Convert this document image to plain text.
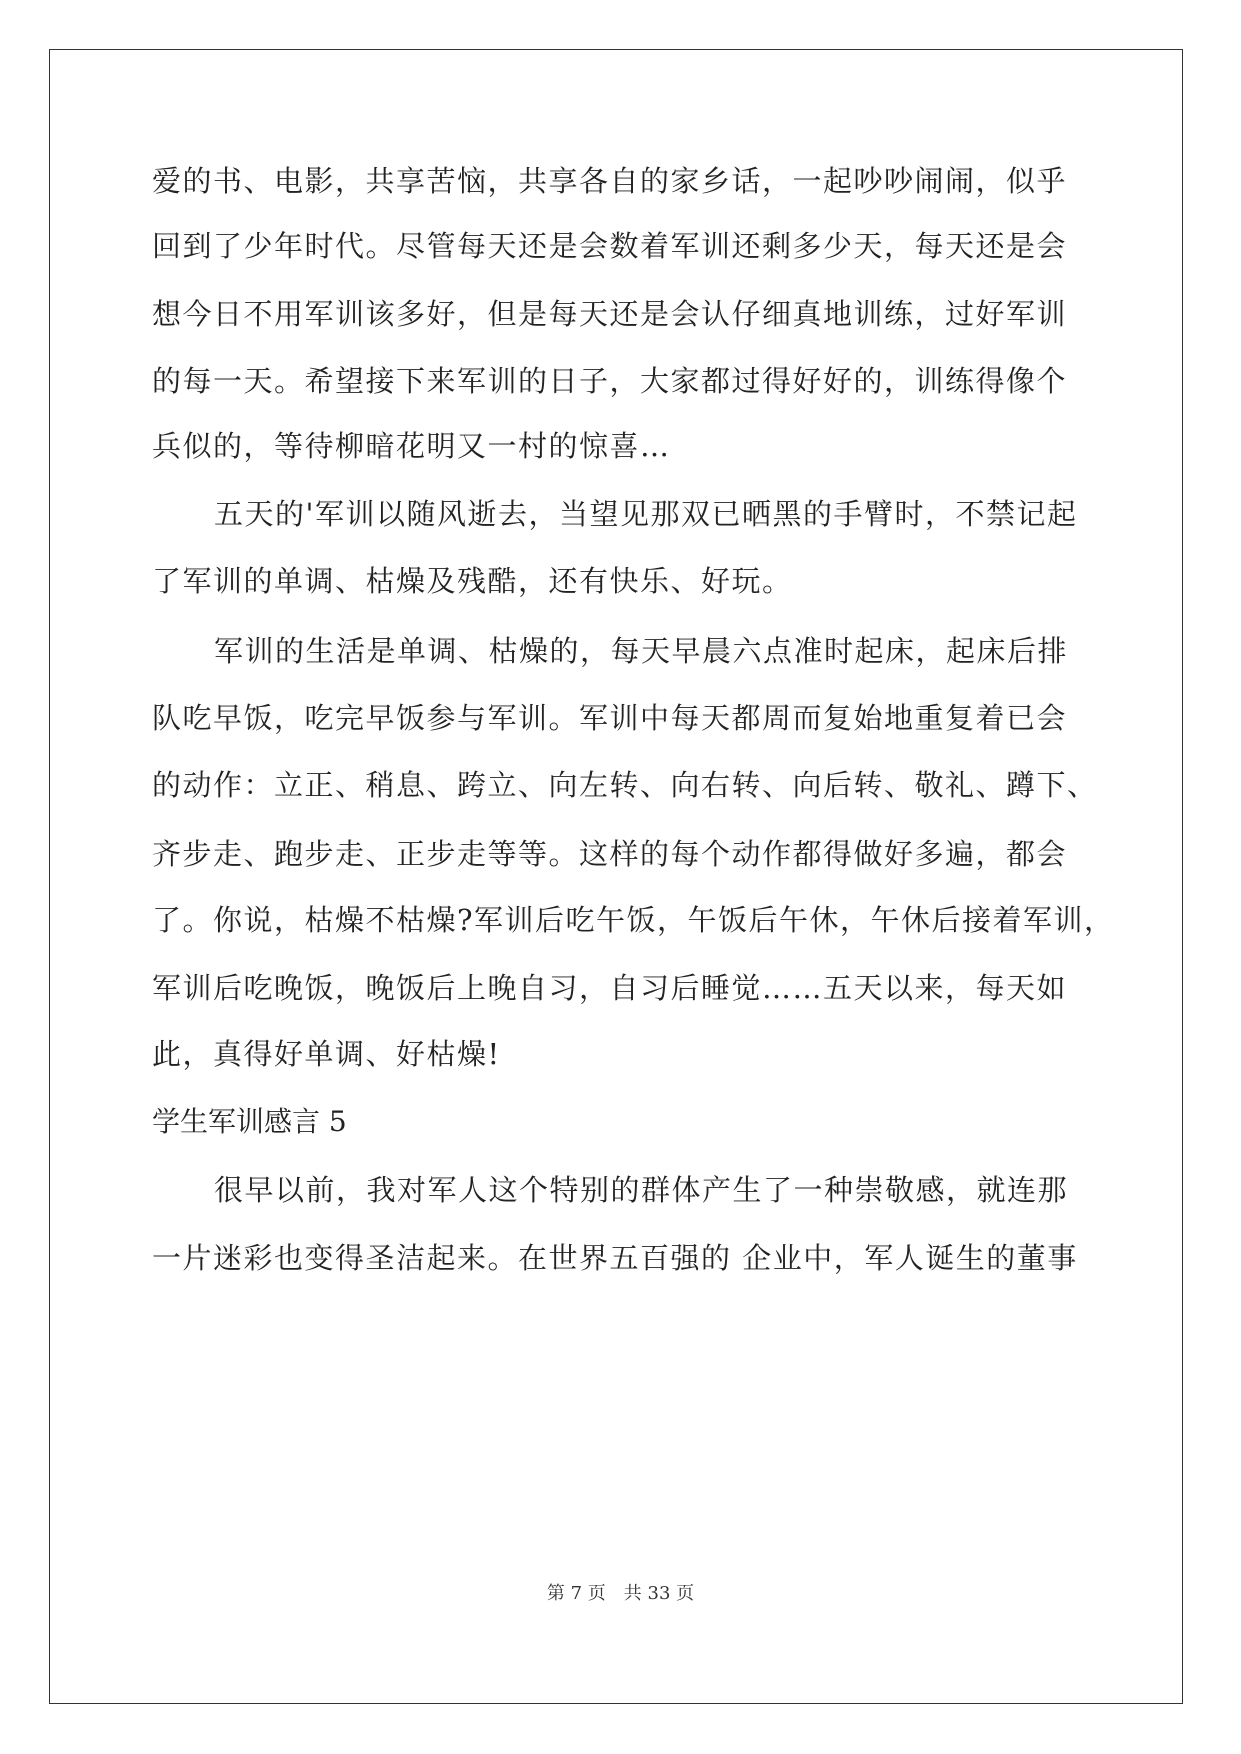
爱的书、电影，共享苦恼，共享各自的家乡话，一起吵吵闹闹，似乎
回到了少年时代。尽管每天还是会数着军训还剩多少天，每天还是会
想今日不用军训该多好，但是每天还是会认仔细真地训练，过好军训
的每一天。希望接下来军训的日子，大家都过得好好的，训练得像个
兵似的，等待柳暗花明又一村的惊喜…
五天的'军训以随风逝去，当望见那双已晒黑的手臂时，不禁记起
了军训的单调、枯燥及残酷，还有快乐、好玩。
军训的生活是单调、枯燥的，每天早晨六点准时起床，起床后排
队吃早饭，吃完早饭参与军训。军训中每天都周而复始地重复着已会
的动作：立正、稍息、跨立、向左转、向右转、向后转、敬礼、蹲下、
齐步走、跑步走、正步走等等。这样的每个动作都得做好多遍，都会
了。你说，枯燥不枯燥?军训后吃午饭，午饭后午休，午休后接着军训，
军训后吃晚饭，晚饭后上晚自习，自习后睡觉……五天以来，每天如
此，真得好单调、好枯燥!
学生军训感言 5
很早以前，我对军人这个特别的群体产生了一种崇敬感，就连那
一片迷彩也变得圣洁起来。在世界五百强的 企业中，军人诞生的董事
第 7 页 共 33 页
